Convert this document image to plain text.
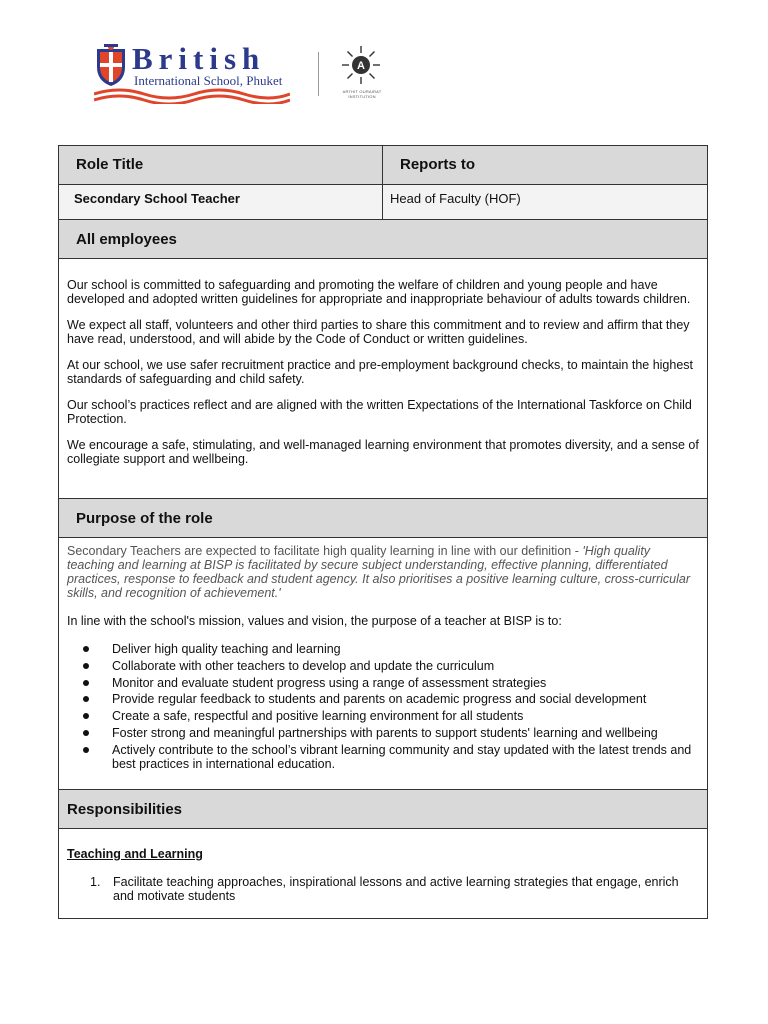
British
International School, Phuket
A
ARTHIT OURAIRAT INSTITUTION
Role Title	Reports to
Secondary School Teacher	Head of Faculty (HOF)
All employees

Our school is committed to safeguarding and promoting the welfare of children and young people and have developed and adopted written guidelines for appropriate and inappropriate behaviour of adults towards children.

We expect all staff, volunteers and other third parties to share this commitment and to review and affirm that they have read, understood, and will abide by the Code of Conduct or written guidelines.

At our school, we use safer recruitment practice and pre-employment background checks, to maintain the highest standards of safeguarding and child safety.

Our school’s practices reflect and are aligned with the written Expectations of the International Taskforce on Child Protection.

We encourage a safe, stimulating, and well-managed learning environment that promotes diversity, and a sense of collegiate support and wellbeing.

Purpose of the role

Secondary Teachers are expected to facilitate high quality learning in line with our definition - 'High quality teaching and learning at BISP is facilitated by secure subject understanding, effective planning, differentiated practices, response to feedback and student agency. It also prioritises a positive learning culture, cross-curricular skills, and recognition of achievement.'

In line with the school's mission, values and vision, the purpose of a teacher at BISP is to:

Deliver high quality teaching and learning
Collaborate with other teachers to develop and update the curriculum
Monitor and evaluate student progress using a range of assessment strategies
Provide regular feedback to students and parents on academic progress and social development
Create a safe, respectful and positive learning environment for all students
Foster strong and meaningful partnerships with parents to support students' learning and wellbeing
Actively contribute to the school’s vibrant learning community and stay updated with the latest trends and best practices in international education.
Responsibilities
Teaching and Learning
1. Facilitate teaching approaches, inspirational lessons and active learning strategies that engage, enrich and motivate students
